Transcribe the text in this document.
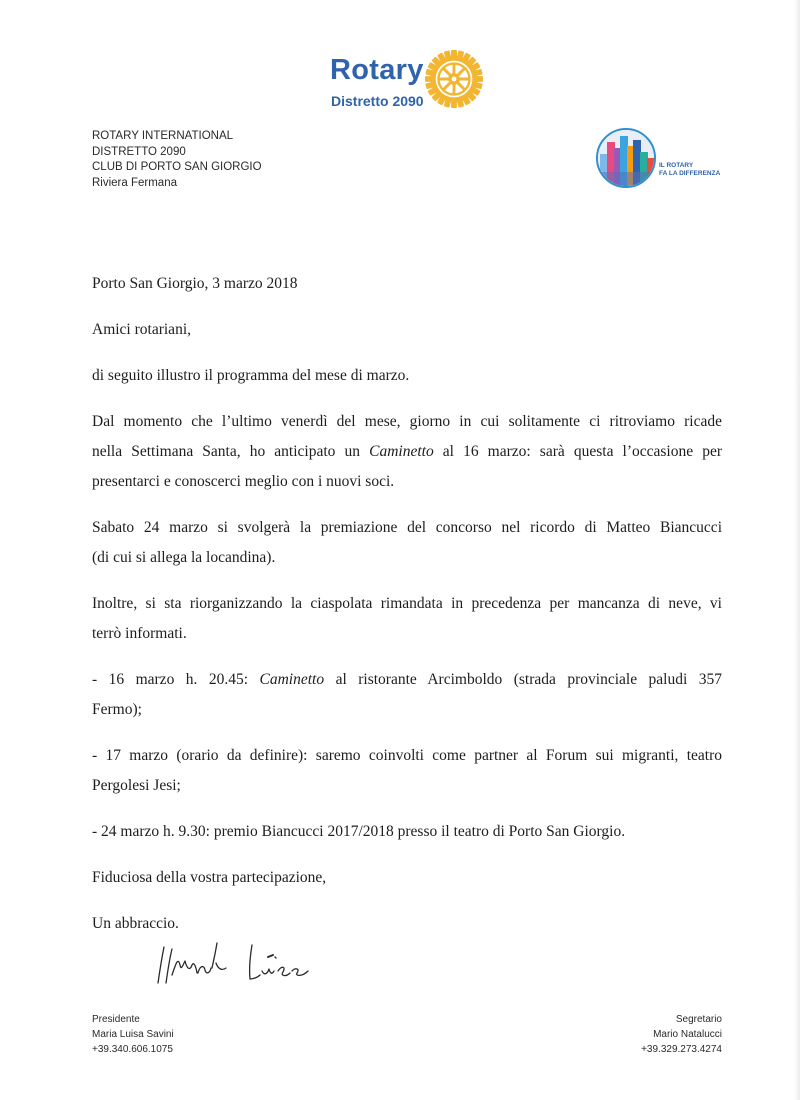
Rotary
Distretto 2090
ROTARY INTERNATIONAL
DISTRETTO 2090
CLUB DI PORTO SAN GIORGIO
Riviera Fermana
IL ROTARY
FA LA DIFFERENZA

Porto San Giorgio, 3 marzo 2018

Amici rotariani,

di seguito illustro il programma del mese di marzo.

Dal momento che l’ultimo venerdì del mese, giorno in cui solitamente ci ritroviamo ricade

nella Settimana Santa, ho anticipato un Caminetto al 16 marzo: sarà questa l’occasione per

presentarci e conoscerci meglio con i nuovi soci.

Sabato 24 marzo si svolgerà la premiazione del concorso nel ricordo di Matteo Biancucci

(di cui si allega la locandina).

Inoltre, si sta riorganizzando la ciaspolata rimandata in precedenza per mancanza di neve, vi

terrò informati.

- 16 marzo h. 20.45: Caminetto al ristorante Arcimboldo (strada provinciale paludi 357

Fermo);

- 17 marzo (orario da definire): saremo coinvolti come partner al Forum sui migranti, teatro

Pergolesi Jesi;

- 24 marzo h. 9.30: premio Biancucci 2017/2018 presso il teatro di Porto San Giorgio.

Fiduciosa della vostra partecipazione,

Un abbraccio.

Presidente
Maria Luisa Savini
+39.340.606.1075
Segretario
Mario Natalucci
+39.329.273.4274
